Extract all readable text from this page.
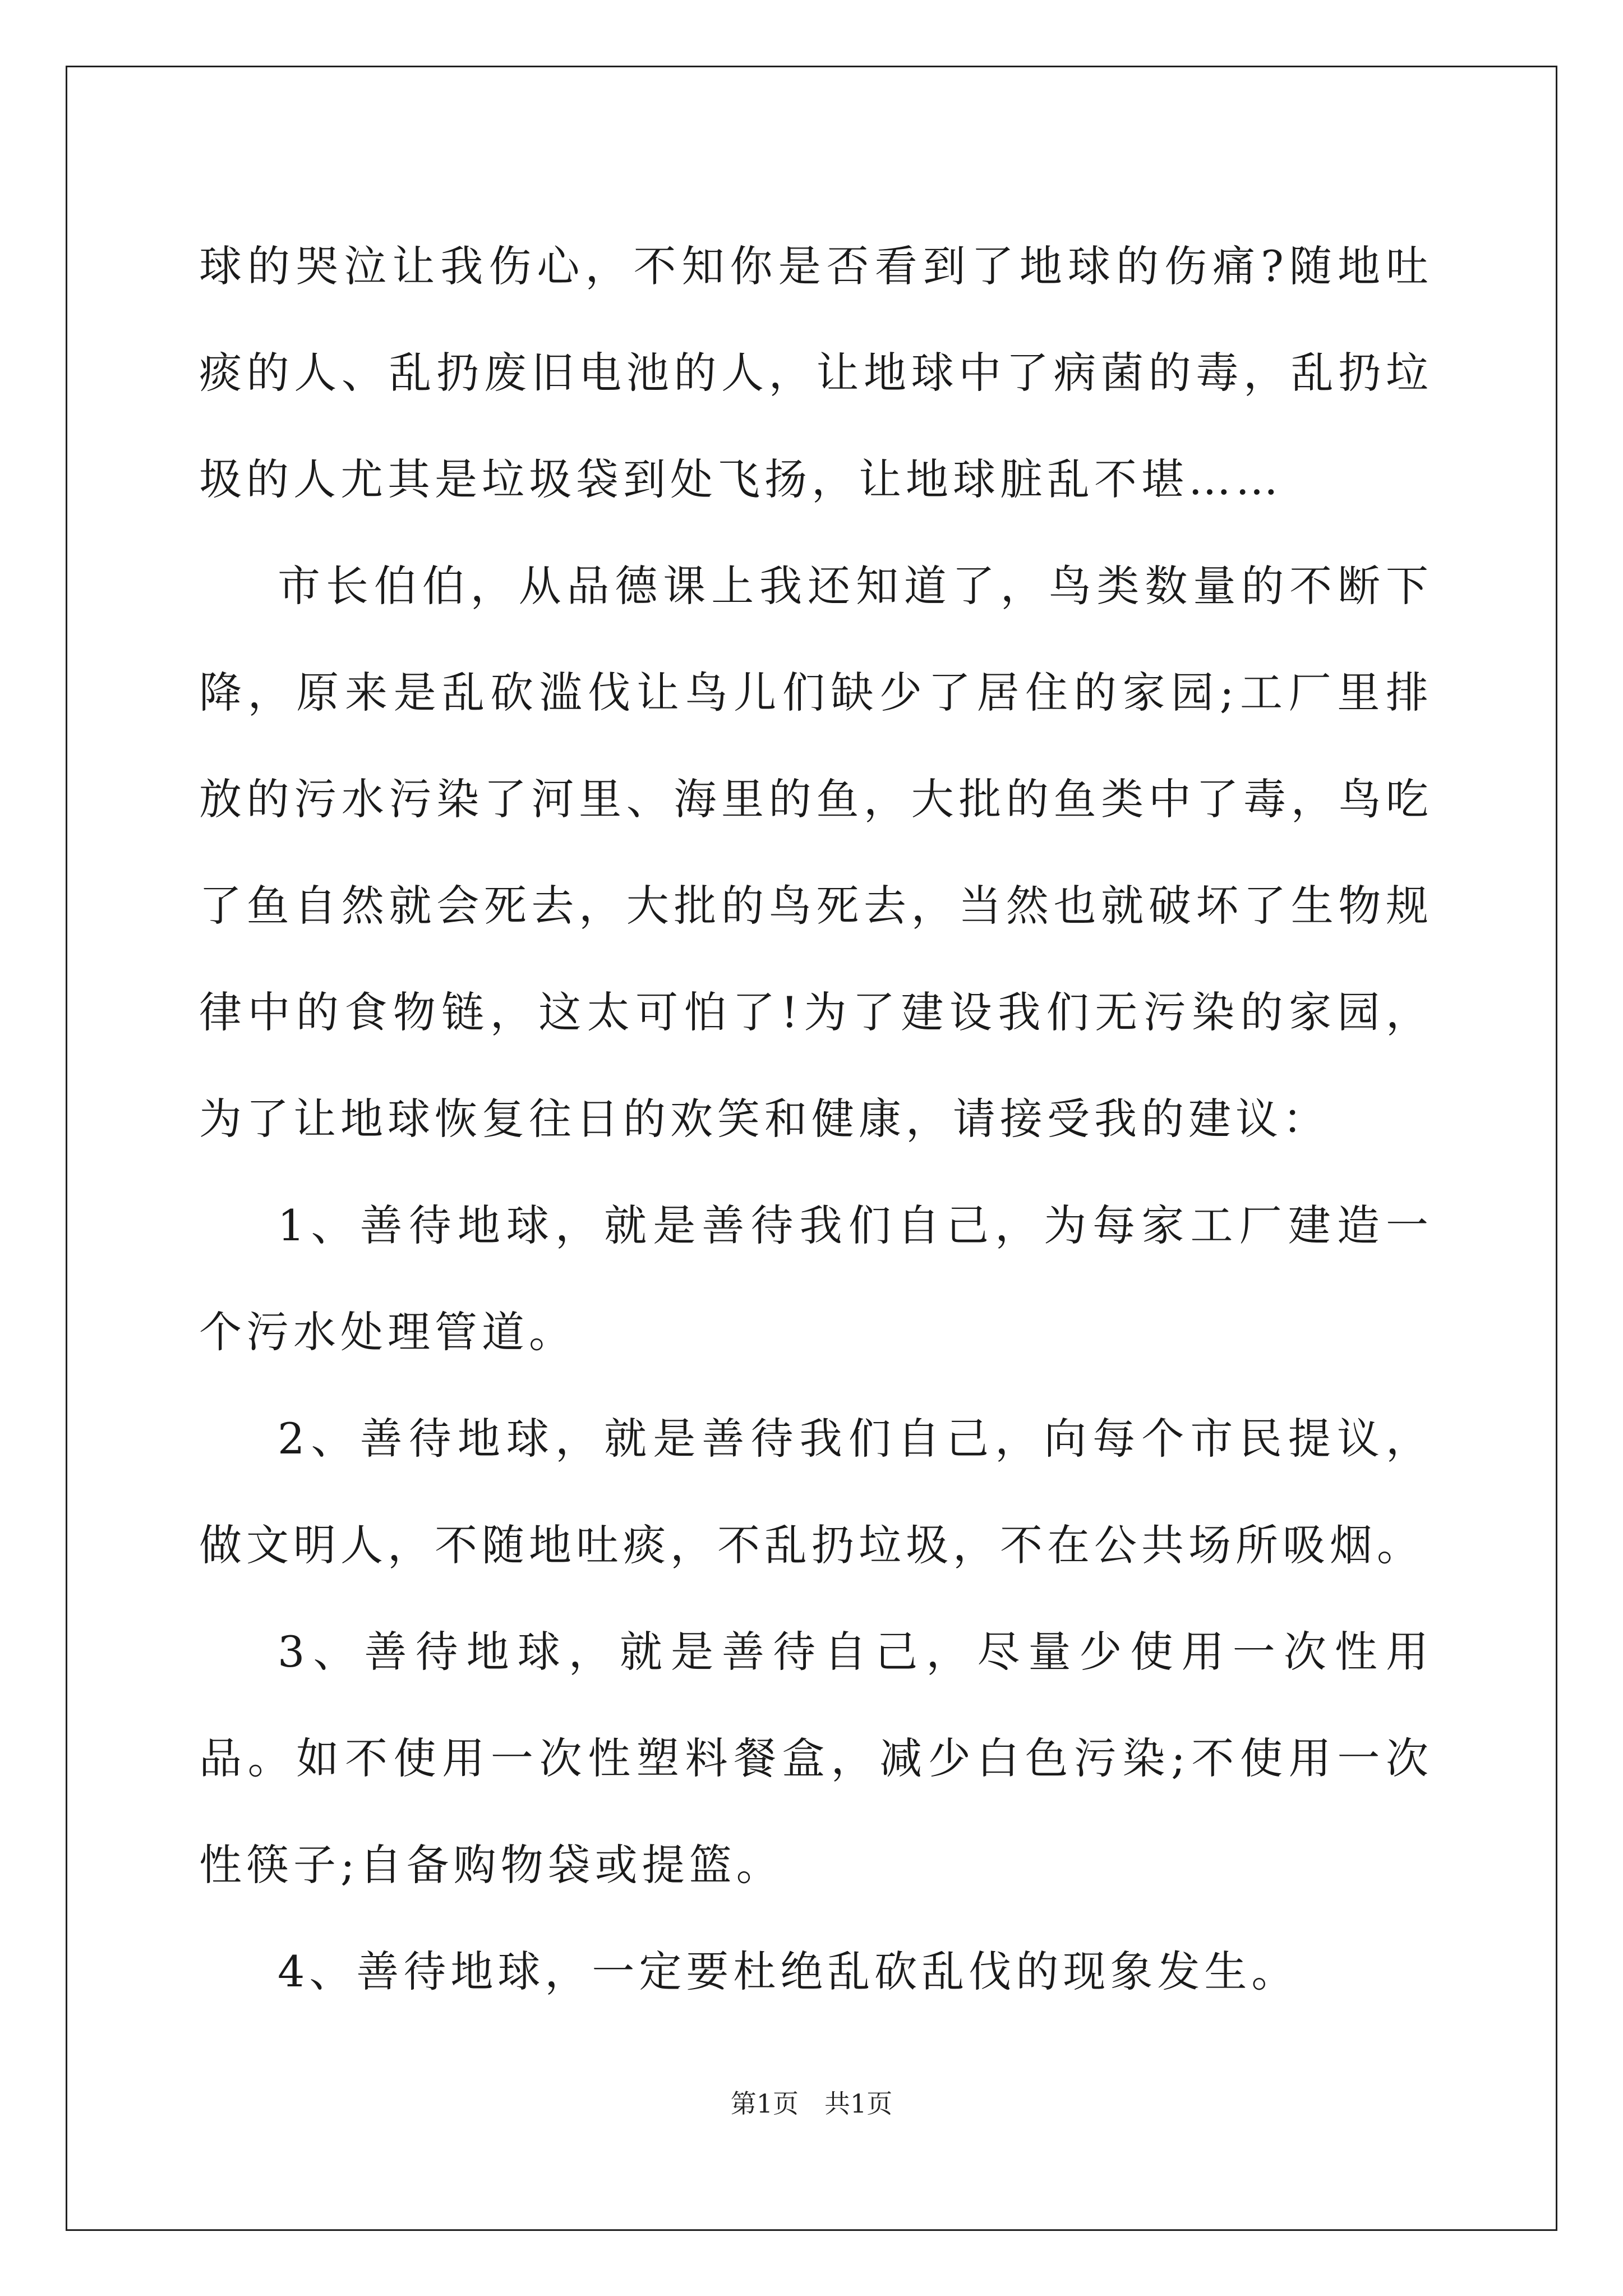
球的哭泣让我伤心，不知你是否看到了地球的伤痛?随地吐痰的人、乱扔废旧电池的人，让地球中了病菌的毒，乱扔垃圾的人尤其是垃圾袋到处飞扬，让地球脏乱不堪……

市长伯伯，从品德课上我还知道了，鸟类数量的不断下降，原来是乱砍滥伐让鸟儿们缺少了居住的家园;工厂里排放的污水污染了河里、海里的鱼，大批的鱼类中了毒，鸟吃了鱼自然就会死去，大批的鸟死去，当然也就破坏了生物规律中的食物链，这太可怕了!为了建设我们无污染的家园，为了让地球恢复往日的欢笑和健康，请接受我的建议：

1、善待地球，就是善待我们自己，为每家工厂建造一个污水处理管道。

2、善待地球，就是善待我们自己，向每个市民提议，做文明人，不随地吐痰，不乱扔垃圾，不在公共场所吸烟。

3、善待地球，就是善待自己，尽量少使用一次性用品。如不使用一次性塑料餐盒，减少白色污染;不使用一次性筷子;自备购物袋或提篮。

4、善待地球，一定要杜绝乱砍乱伐的现象发生。

第1页　共1页
